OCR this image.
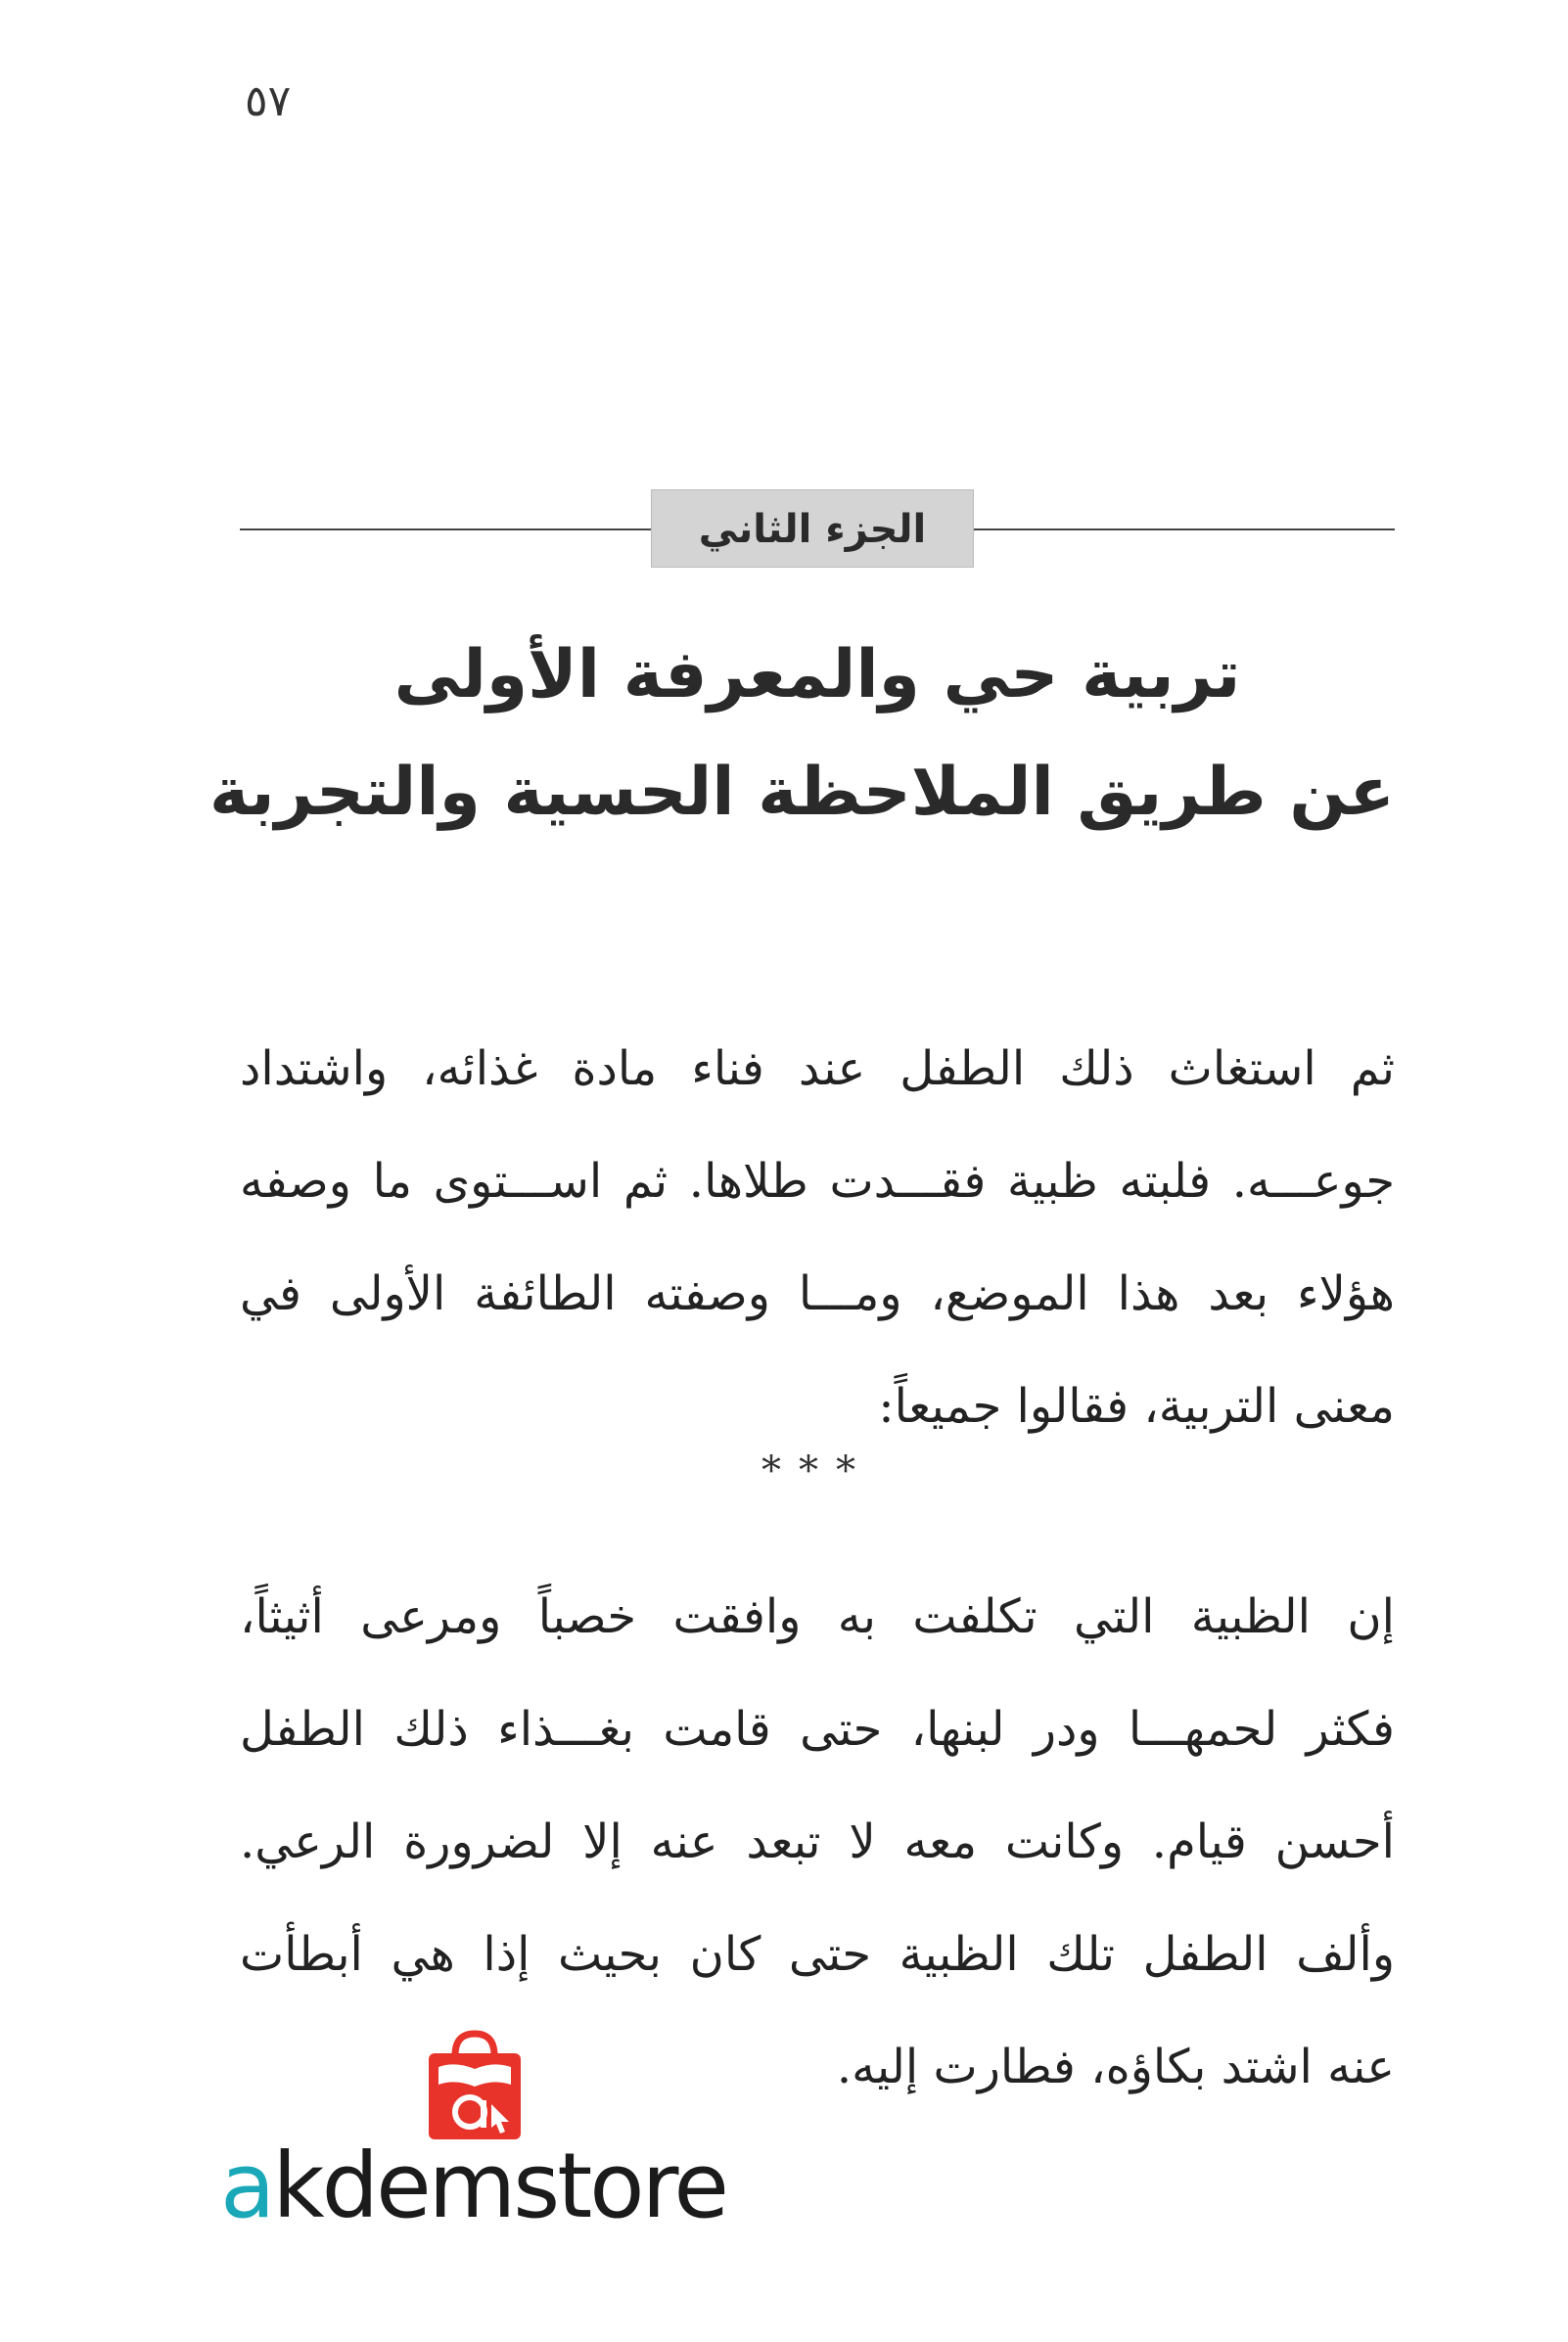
٥٧
الجزء الثاني
تربية حي والمعرفة الأولى
عن طريق الملاحظة الحسية والتجربة
ثم استغاث ذلك الطفل عند فناء مادة غذائه، واشتداد
جوعـــه. فلبته ظبية فقـــدت طلاها. ثم اســـتوى ما وصفه
هؤلاء بعد هذا الموضع، ومـــا وصفته الطائفة الأولى في
معنى التربية، فقالوا جميعاً:
***
إن الظبية التي تكلفت به وافقت خصباً ومرعى أثيثاً،
فكثر لحمهـــا ودر لبنها، حتى قامت بغـــذاء ذلك الطفل
أحسن قيام. وكانت معه لا تبعد عنه إلا لضرورة الرعي.
وألف الطفل تلك الظبية حتى كان بحيث إذا هي أبطأت
عنه اشتد بكاؤه، فطارت إليه.
akdemstore
